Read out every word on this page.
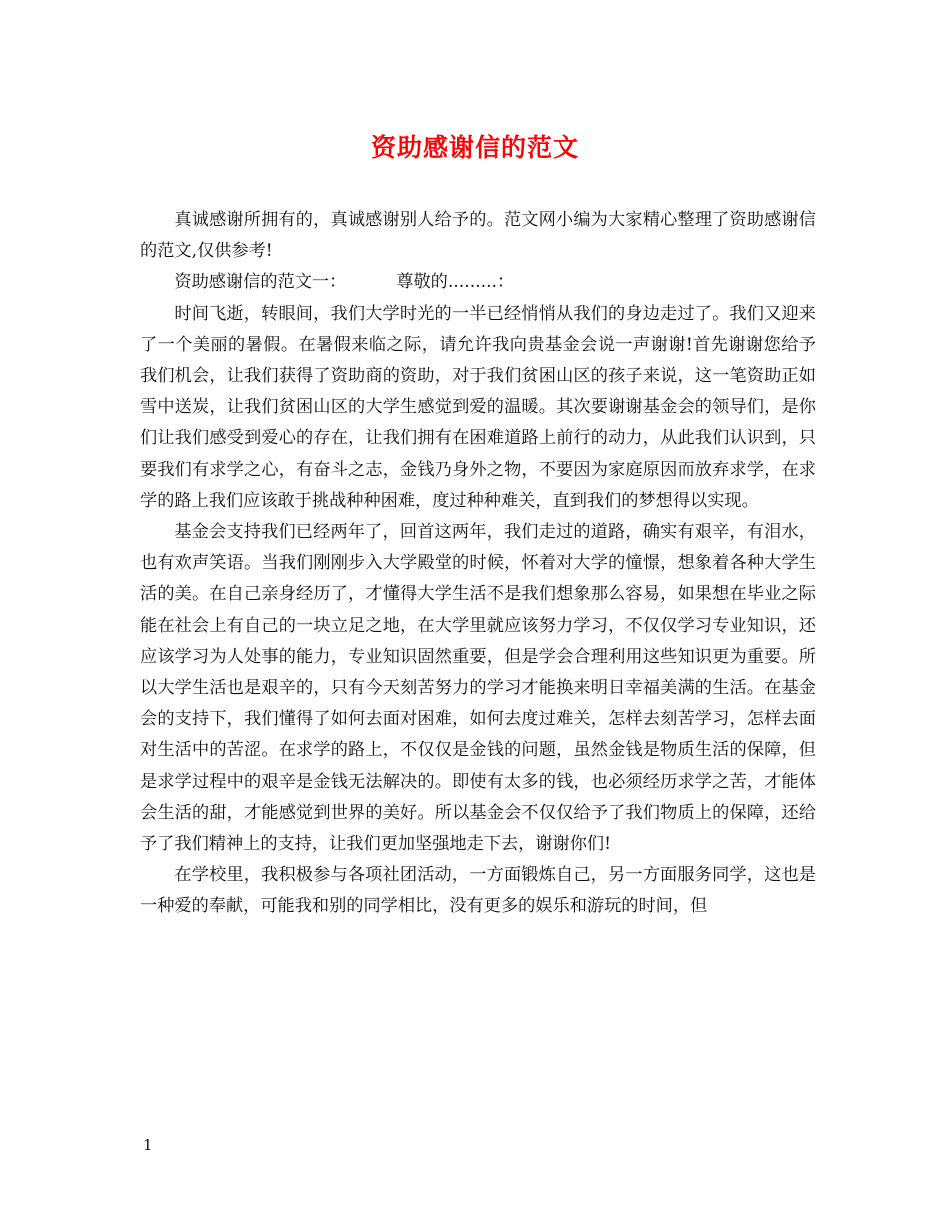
资助感谢信的范文

真诚感谢所拥有的，真诚感谢别人给予的。范文网小编为大家精心整理了资助感谢信的范文,仅供参考!

资助感谢信的范文一：	尊敬的.........：

时间飞逝，转眼间，我们大学时光的一半已经悄悄从我们的身边走过了。我们又迎来了一个美丽的暑假。在暑假来临之际，请允许我向贵基金会说一声谢谢!首先谢谢您给予我们机会，让我们获得了资助商的资助，对于我们贫困山区的孩子来说，这一笔资助正如雪中送炭，让我们贫困山区的大学生感觉到爱的温暖。其次要谢谢基金会的领导们，是你们让我们感受到爱心的存在，让我们拥有在困难道路上前行的动力，从此我们认识到，只要我们有求学之心，有奋斗之志，金钱乃身外之物，不要因为家庭原因而放弃求学，在求学的路上我们应该敢于挑战种种困难，度过种种难关，直到我们的梦想得以实现。

基金会支持我们已经两年了，回首这两年，我们走过的道路，确实有艰辛，有泪水，也有欢声笑语。当我们刚刚步入大学殿堂的时候，怀着对大学的憧憬，想象着各种大学生活的美。在自己亲身经历了，才懂得大学生活不是我们想象那么容易，如果想在毕业之际能在社会上有自己的一块立足之地，在大学里就应该努力学习，不仅仅学习专业知识，还应该学习为人处事的能力，专业知识固然重要，但是学会合理利用这些知识更为重要。所以大学生活也是艰辛的，只有今天刻苦努力的学习才能换来明日幸福美满的生活。在基金会的支持下，我们懂得了如何去面对困难，如何去度过难关，怎样去刻苦学习，怎样去面对生活中的苦涩。在求学的路上，不仅仅是金钱的问题，虽然金钱是物质生活的保障，但是求学过程中的艰辛是金钱无法解决的。即使有太多的钱，也必须经历求学之苦，才能体会生活的甜，才能感觉到世界的美好。所以基金会不仅仅给予了我们物质上的保障，还给予了我们精神上的支持，让我们更加坚强地走下去，谢谢你们!

在学校里，我积极参与各项社团活动，一方面锻炼自己，另一方面服务同学，这也是一种爱的奉献，可能我和别的同学相比，没有更多的娱乐和游玩的时间，但

1
